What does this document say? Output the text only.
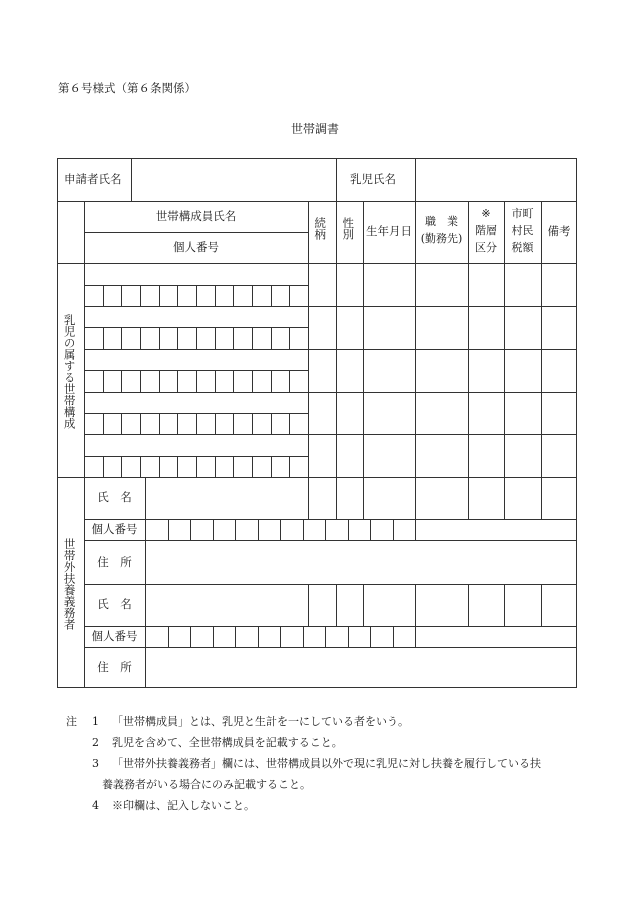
第６号様式（第６条関係）
世帯調書
申請者氏名	乳児氏名
世帯構成員氏名
個人番号
続柄 性別 生年月日
職　業
(勤務先)
※
階層
区分
市町
村民
税額
備考
乳児の属する世帯構成
世帯外扶養義務者
氏　名
個人番号
住　所
氏　名
個人番号
住　所
注 1 「世帯構成員」とは、乳児と生計を一にしている者をいう。
2 乳児を含めて、全世帯構成員を記載すること。
3 「世帯外扶養義務者」欄には、世帯構成員以外で現に乳児に対し扶養を履行している扶
養義務者がいる場合にのみ記載すること。
4 ※印欄は、記入しないこと。
